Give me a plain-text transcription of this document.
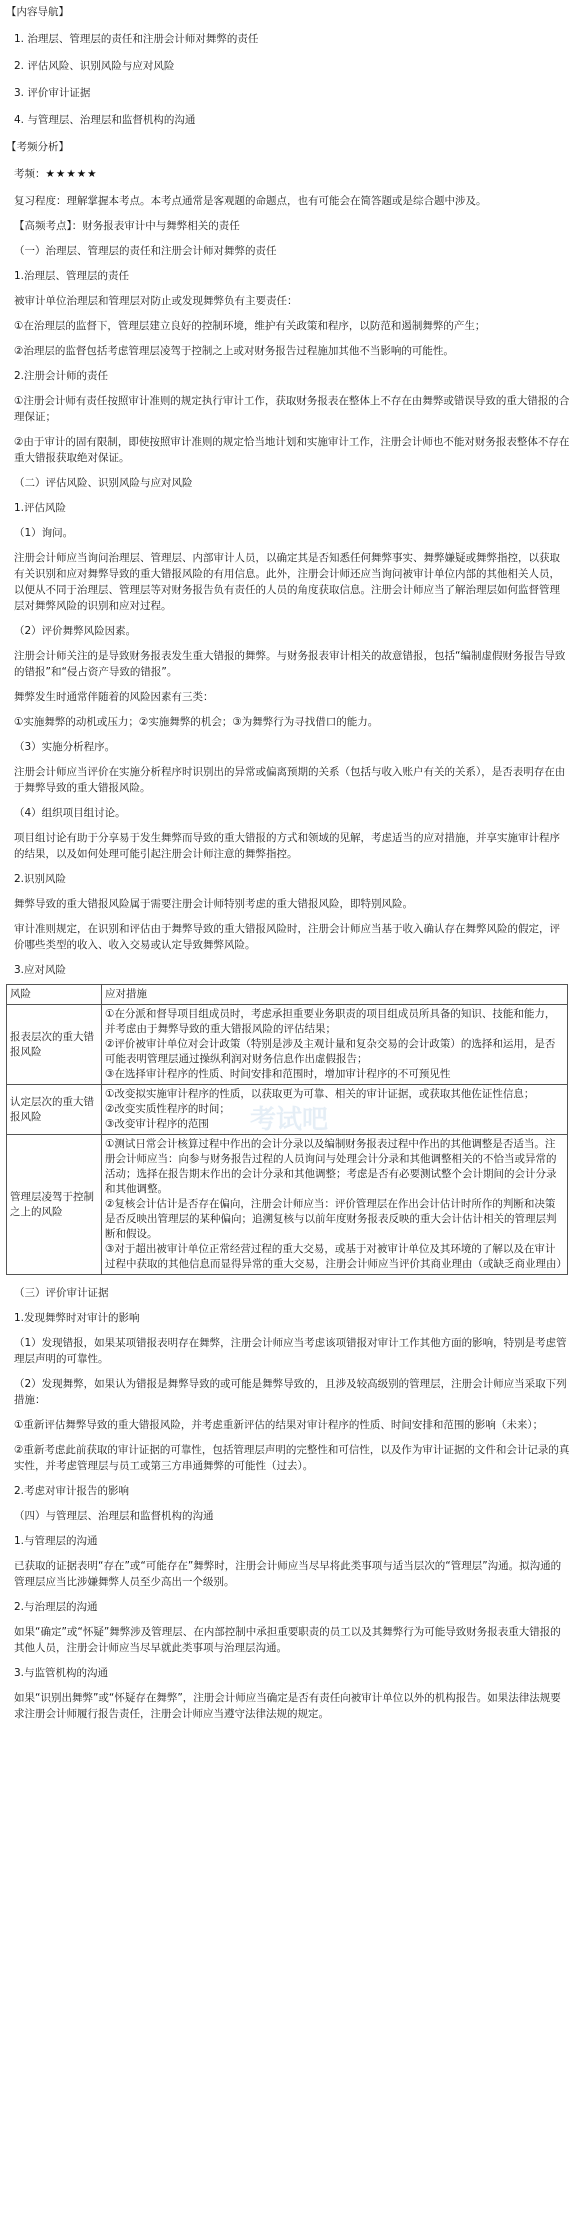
【内容导航】

1. 治理层、管理层的责任和注册会计师对舞弊的责任

2. 评估风险、识别风险与应对风险

3. 评价审计证据

4. 与管理层、治理层和监督机构的沟通

【考频分析】

考频：★★★★★

复习程度：理解掌握本考点。本考点通常是客观题的命题点，也有可能会在简答题或是综合题中涉及。

【高频考点】：财务报表审计中与舞弊相关的责任

（一）治理层、管理层的责任和注册会计师对舞弊的责任

1.治理层、管理层的责任

被审计单位治理层和管理层对防止或发现舞弊负有主要责任：

①在治理层的监督下，管理层建立良好的控制环境，维护有关政策和程序，以防范和遏制舞弊的产生；

②治理层的监督包括考虑管理层凌驾于控制之上或对财务报告过程施加其他不当影响的可能性。

2.注册会计师的责任

①注册会计师有责任按照审计准则的规定执行审计工作，获取财务报表在整体上不存在由舞弊或错误导致的重大错报的合理保证；

②由于审计的固有限制，即使按照审计准则的规定恰当地计划和实施审计工作，注册会计师也不能对财务报表整体不存在重大错报获取绝对保证。

（二）评估风险、识别风险与应对风险

1.评估风险

（1）询问。

注册会计师应当询问治理层、管理层、内部审计人员，以确定其是否知悉任何舞弊事实、舞弊嫌疑或舞弊指控，以获取有关识别和应对舞弊导致的重大错报风险的有用信息。此外，注册会计师还应当询问被审计单位内部的其他相关人员，以便从不同于治理层、管理层等对财务报告负有责任的人员的角度获取信息。注册会计师应当了解治理层如何监督管理层对舞弊风险的识别和应对过程。

（2）评价舞弊风险因素。

注册会计师关注的是导致财务报表发生重大错报的舞弊。与财务报表审计相关的故意错报，包括“编制虚假财务报告导致的错报”和“侵占资产导致的错报”。

舞弊发生时通常伴随着的风险因素有三类：

①实施舞弊的动机或压力；②实施舞弊的机会；③为舞弊行为寻找借口的能力。

（3）实施分析程序。

注册会计师应当评价在实施分析程序时识别出的异常或偏离预期的关系（包括与收入账户有关的关系），是否表明存在由于舞弊导致的重大错报风险。

（4）组织项目组讨论。

项目组讨论有助于分享易于发生舞弊而导致的重大错报的方式和领域的见解，考虑适当的应对措施，并享实施审计程序的结果，以及如何处理可能引起注册会计师注意的舞弊指控。

2.识别风险

舞弊导致的重大错报风险属于需要注册会计师特别考虑的重大错报风险，即特别风险。

审计准则规定，在识别和评估由于舞弊导致的重大错报风险时，注册会计师应当基于收入确认存在舞弊风险的假定，评价哪些类型的收入、收入交易或认定导致舞弊风险。

3.应对风险

风险	应对措施
报表层次的重大错报风险	①在分派和督导项目组成员时，考虑承担重要业务职责的项目组成员所具备的知识、技能和能力，并考虑由于舞弊导致的重大错报风险的评估结果；
②评价被审计单位对会计政策（特别是涉及主观计量和复杂交易的会计政策）的选择和运用，是否可能表明管理层通过操纵利润对财务信息作出虚假报告；
③在选择审计程序的性质、时间安排和范围时，增加审计程序的不可预见性

认定层次的重大错报风险	①改变拟实施审计程序的性质，以获取更为可靠、相关的审计证据，或获取其他佐证性信息；
②改变实质性程序的时间；
③改变审计程序的范围

管理层凌驾于控制之上的风险	①测试日常会计核算过程中作出的会计分录以及编制财务报表过程中作出的其他调整是否适当。注册会计师应当：向参与财务报告过程的人员询问与处理会计分录和其他调整相关的不恰当或异常的活动；选择在报告期末作出的会计分录和其他调整；考虑是否有必要测试整个会计期间的会计分录和其他调整。
②复核会计估计是否存在偏向，注册会计师应当：评价管理层在作出会计估计时所作的判断和决策是否反映出管理层的某种偏向；追溯复核与以前年度财务报表反映的重大会计估计相关的管理层判断和假设。
③对于超出被审计单位正常经营过程的重大交易，或基于对被审计单位及其环境的了解以及在审计过程中获取的其他信息而显得异常的重大交易，注册会计师应当评价其商业理由（或缺乏商业理由）

（三）评价审计证据

1.发现舞弊时对审计的影响

（1）发现错报，如果某项错报表明存在舞弊，注册会计师应当考虑该项错报对审计工作其他方面的影响，特别是考虑管理层声明的可靠性。

（2）发现舞弊，如果认为错报是舞弊导致的或可能是舞弊导致的，且涉及较高级别的管理层，注册会计师应当采取下列措施：

①重新评估舞弊导致的重大错报风险，并考虑重新评估的结果对审计程序的性质、时间安排和范围的影响（未来）；

②重新考虑此前获取的审计证据的可靠性，包括管理层声明的完整性和可信性，以及作为审计证据的文件和会计记录的真实性，并考虑管理层与员工或第三方串通舞弊的可能性（过去）。

2.考虑对审计报告的影响

（四）与管理层、治理层和监督机构的沟通

1.与管理层的沟通

已获取的证据表明“存在”或“可能存在”舞弊时，注册会计师应当尽早将此类事项与适当层次的“管理层”沟通。拟沟通的管理层应当比涉嫌舞弊人员至少高出一个级别。

2.与治理层的沟通

如果“确定”或“怀疑”舞弊涉及管理层、在内部控制中承担重要职责的员工以及其舞弊行为可能导致财务报表重大错报的其他人员，注册会计师应当尽早就此类事项与治理层沟通。

3.与监管机构的沟通

如果“识别出舞弊”或“怀疑存在舞弊”，注册会计师应当确定是否有责任向被审计单位以外的机构报告。如果法律法规要求注册会计师履行报告责任，注册会计师应当遵守法律法规的规定。

考试吧
